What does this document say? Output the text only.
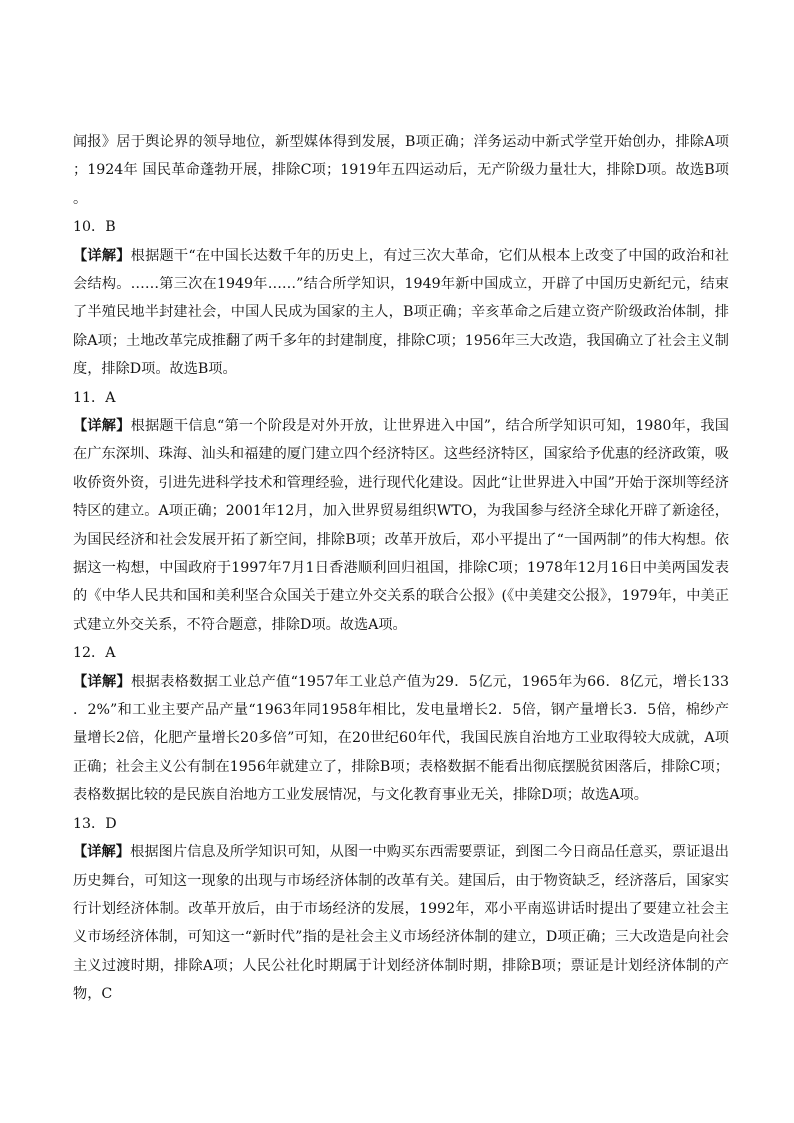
闻报》居于舆论界的领导地位，新型媒体得到发展，B项正确；洋务运动中新式学堂开始创办，排除A项；1924年 国民革命蓬勃开展，排除C项；1919年五四运动后，无产阶级力量壮大，排除D项。故选B项。

10．B

【详解】根据题干“在中国长达数千年的历史上，有过三次大革命，它们从根本上改变了中国的政治和社会结构。……第三次在1949年……”结合所学知识，1949年新中国成立，开辟了中国历史新纪元，结束了半殖民地半封建社会，中国人民成为国家的主人，B项正确；辛亥革命之后建立资产阶级政治体制，排除A项；土地改革完成推翻了两千多年的封建制度，排除C项；1956年三大改造，我国确立了社会主义制度，排除D项。故选B项。

11．A

【详解】根据题干信息“第一个阶段是对外开放，让世界进入中国”，结合所学知识可知，1980年，我国在广东深圳、珠海、汕头和福建的厦门建立四个经济特区。这些经济特区，国家给予优惠的经济政策，吸收侨资外资，引进先进科学技术和管理经验，进行现代化建设。因此“让世界进入中国”开始于深圳等经济特区的建立。A项正确；2001年12月，加入世界贸易组织WTO，为我国参与经济全球化开辟了新途径，为国民经济和社会发展开拓了新空间，排除B项；改革开放后，邓小平提出了“一国两制”的伟大构想。依据这一构想，中国政府于1997年7月1日香港顺利回归祖国，排除C项；1978年12月16日中美两国发表的《中华人民共和国和美利坚合众国关于建立外交关系的联合公报》(《中美建交公报》，1979年，中美正式建立外交关系，不符合题意，排除D项。故选A项。

12．A

【详解】根据表格数据工业总产值“1957年工业总产值为29．5亿元，1965年为66．8亿元，增长133．2%”和工业主要产品产量“1963年同1958年相比，发电量增长2．5倍，钢产量增长3．5倍，棉纱产量增长2倍，化肥产量增长20多倍”可知，在20世纪60年代，我国民族自治地方工业取得较大成就，A项正确；社会主义公有制在1956年就建立了，排除B项；表格数据不能看出彻底摆脱贫困落后，排除C项；表格数据比较的是民族自治地方工业发展情况，与文化教育事业无关，排除D项；故选A项。

13．D

【详解】根据图片信息及所学知识可知，从图一中购买东西需要票证，到图二今日商品任意买，票证退出历史舞台，可知这一现象的出现与市场经济体制的改革有关。建国后，由于物资缺乏，经济落后，国家实行计划经济体制。改革开放后，由于市场经济的发展，1992年，邓小平南巡讲话时提出了要建立社会主义市场经济体制，可知这一“新时代”指的是社会主义市场经济体制的建立，D项正确；三大改造是向社会主义过渡时期，排除A项；人民公社化时期属于计划经济体制时期，排除B项；票证是计划经济体制的产物，C
